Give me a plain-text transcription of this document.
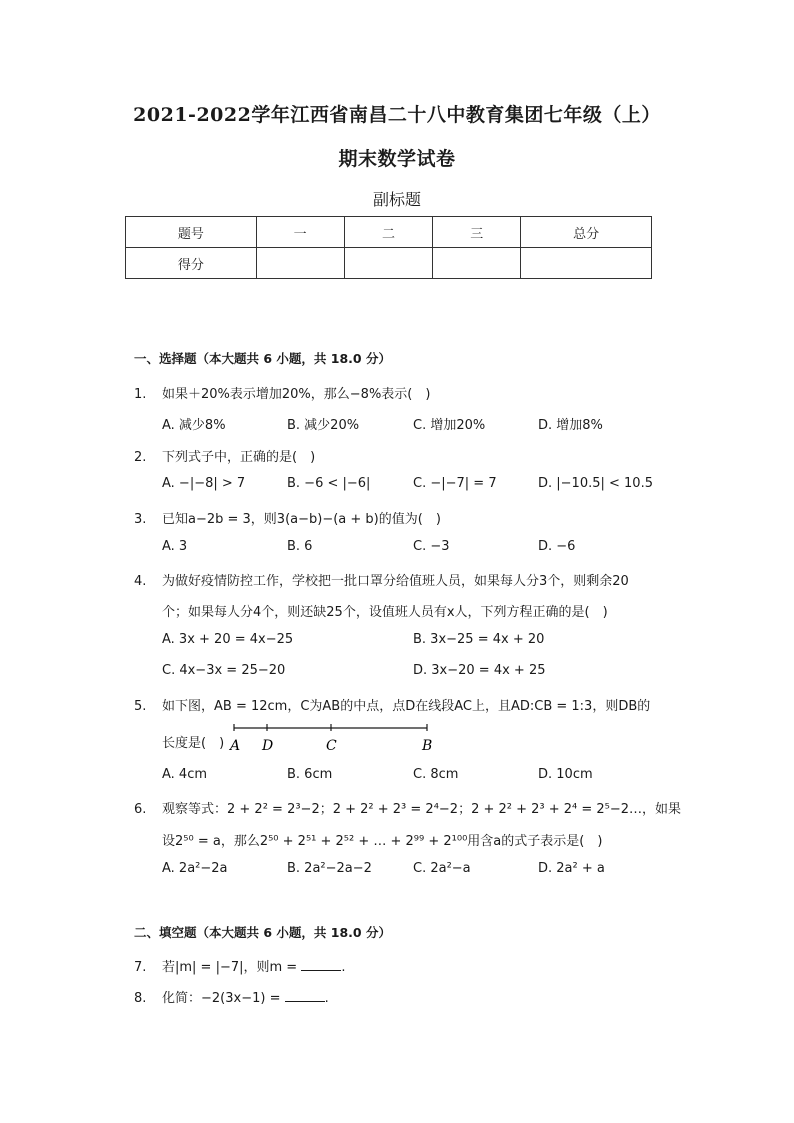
2021-2022学年江西省南昌二十八中教育集团七年级（上）
期末数学试卷
副标题
题号	一	二	三	总分
得分				
一、选择题（本大题共 6 小题，共 18.0 分）
1. 如果＋20%表示增加20%，那么−8%表示(　)
A. 减少8%	B. 减少20%	C. 增加20%	D. 增加8%
2. 下列式子中，正确的是(　)
A. −|−8| > 7	B. −6 < |−6|	C. −|−7| = 7	D. |−10.5| < 10.5
3. 已知a−2b = 3，则3(a−b)−(a + b)的值为(　)
A. 3	B. 6	C. −3	D. −6
4. 为做好疫情防控工作，学校把一批口罩分给值班人员，如果每人分3个，则剩余20
个；如果每人分4个，则还缺25个，设值班人员有x人，下列方程正确的是(　)
A. 3x + 20 = 4x−25	B. 3x−25 = 4x + 20
C. 4x−3x = 25−20	D. 3x−20 = 4x + 25
5. 如下图，AB = 12cm，C为AB的中点，点D在线段AC上，且AD:CB = 1:3，则DB的
长度是(　) A D	C	B
A. 4cm	B. 6cm	C. 8cm	D. 10cm
6. 观察等式：2 + 2² = 2³−2；2 + 2² + 2³ = 2⁴−2；2 + 2² + 2³ + 2⁴ = 2⁵−2…，如果
设2⁵⁰ = a，那么2⁵⁰ + 2⁵¹ + 2⁵² + … + 2⁹⁹ + 2¹⁰⁰用含a的式子表示是(　)
A. 2a²−2a	B. 2a²−2a−2	C. 2a²−a	D. 2a² + a
二、填空题（本大题共 6 小题，共 18.0 分）
7. 若|m| = |−7|，则m =	.
8. 化简：−2(3x−1) =	.
